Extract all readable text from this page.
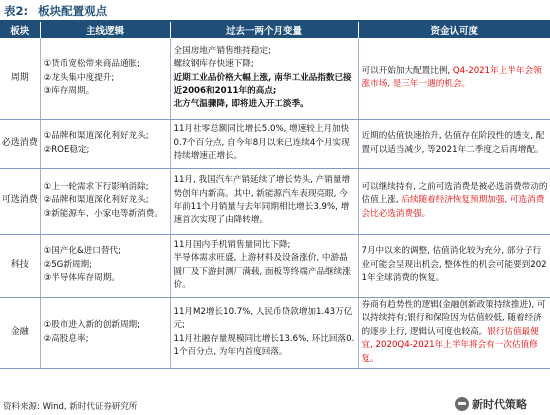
表2: 板块配置观点
板块	主线逻辑	过去一两个月变量	资金认可度
周期	①货币宽松带来商品通胀;
②龙头集中度提升;
③库存周期。	全国房地产销售维持稳定;
螺纹钢库存快速下降;
近期工业品价格大幅上涨, 南华工业品指数已接近2006和2011年的高点;
北方气温骤降, 即将进入开工淡季。	可以开始加大配置比例, Q4-2021年上半年会领涨市场, 是三年一遇的机会。
必选消费	①品牌和渠道深化利好龙头;
②ROE稳定;	11月社零总额同比增长5.0%, 增速较上月加快0.7个百分点, 自今年8月以来已连续4个月实现持续增速正增长。	近期的估值快速抬升, 估值存在阶段性的透支, 配置可以适当减少, 等2021年二季度之后再增配。
可选消费	①上一轮需求下行影响消除;
②品牌和渠道深化利好龙头;
③新能源车、小家电等新消费。	11月, 我国汽车产销延续了增长势头, 产销量增势创年内新高。其中, 新能源汽车表现亮眼, 今年前11个月销量与去年同期相比增长3.9%, 增速首次实现了由降转增。	可以继续持有, 之前可选消费是被必选消费带动的估值上涨, 后续随着经济恢复预期加强, 可选消费会比必选消费强。
科技	①国产化&进口替代;
②5G新周期;
③半导体库存周期。	11月国内手机销售量同比下降;
半导体需求旺盛, 上游材料及设备涨价, 中游晶圆厂及下游封测厂满载, 面板等终端产品继续涨价。	7月中以来的调整, 估值消化较为充分, 部分子行业可能会呈现出机会, 整体性的机会可能要到2021年全球消费的恢复。
金融	①股市进入新的创新周期;
②高股息率;	11月M2增长10.7%, 人民币贷款增加1.43万亿元;
11月社融存量规模同比增长13.6%, 环比回落0.1个百分点, 为年内首度回落。	券商有趋势性的逻辑(金融创新政策持续推进), 可以持续持有;银行和保险因为估值较低, 随着经济的逐步上行, 逻辑认可度也较高。银行估值最便宜, 2020Q4-2021年上半年将会有一次估值修复。
资料来源: Wind, 新时代证券研究所	新时代策略
